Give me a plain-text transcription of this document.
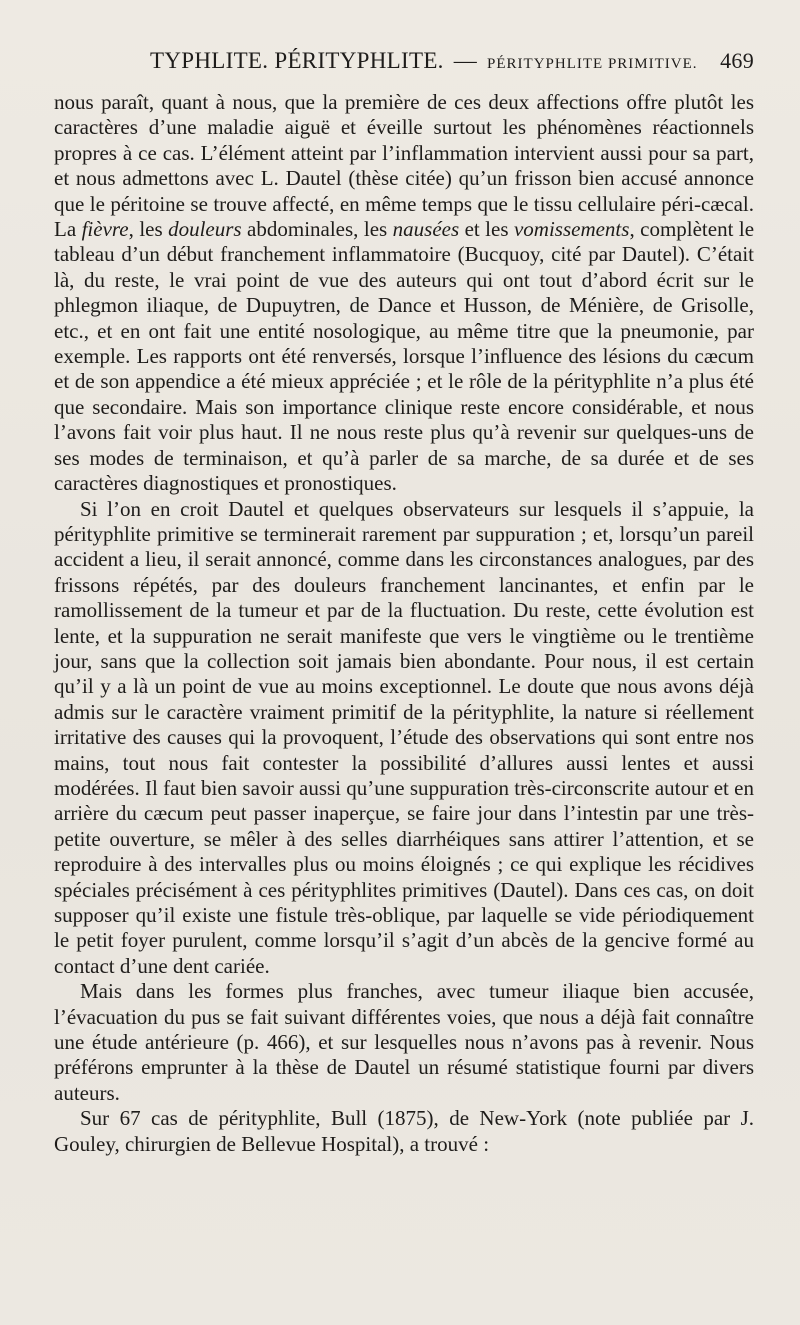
TYPHLITE. PÉRITYPHLITE. — PÉRITYPHLITE PRIMITIVE. 469

nous paraît, quant à nous, que la première de ces deux affections offre plutôt les caractères d’une maladie aiguë et éveille surtout les phénomènes réactionnels propres à ce cas. L’élément atteint par l’inflammation intervient aussi pour sa part, et nous admettons avec L. Dautel (thèse citée) qu’un frisson bien accusé annonce que le péritoine se trouve affecté, en même temps que le tissu cellulaire péri-cæcal. La fièvre, les douleurs abdominales, les nausées et les vomissements, complètent le tableau d’un début franchement inflammatoire (Bucquoy, cité par Dautel). C’était là, du reste, le vrai point de vue des auteurs qui ont tout d’abord écrit sur le phlegmon iliaque, de Dupuytren, de Dance et Husson, de Ménière, de Grisolle, etc., et en ont fait une entité nosologique, au même titre que la pneumonie, par exemple. Les rapports ont été renversés, lorsque l’influence des lésions du cæcum et de son appendice a été mieux appréciée ; et le rôle de la pérityphlite n’a plus été que secondaire. Mais son importance clinique reste encore considérable, et nous l’avons fait voir plus haut. Il ne nous reste plus qu’à revenir sur quelques-uns de ses modes de terminaison, et qu’à parler de sa marche, de sa durée et de ses caractères diagnostiques et pronostiques.

Si l’on en croit Dautel et quelques observateurs sur lesquels il s’appuie, la pérityphlite primitive se terminerait rarement par suppuration ; et, lorsqu’un pareil accident a lieu, il serait annoncé, comme dans les circonstances analogues, par des frissons répétés, par des douleurs franchement lancinantes, et enfin par le ramollissement de la tumeur et par de la fluctuation. Du reste, cette évolution est lente, et la suppuration ne serait manifeste que vers le vingtième ou le trentième jour, sans que la collection soit jamais bien abondante. Pour nous, il est certain qu’il y a là un point de vue au moins exceptionnel. Le doute que nous avons déjà admis sur le caractère vraiment primitif de la pérityphlite, la nature si réellement irritative des causes qui la provoquent, l’étude des observations qui sont entre nos mains, tout nous fait contester la possibilité d’allures aussi lentes et aussi modérées. Il faut bien savoir aussi qu’une suppuration très-circonscrite autour et en arrière du cæcum peut passer inaperçue, se faire jour dans l’intestin par une très-petite ouverture, se mêler à des selles diarrhéiques sans attirer l’attention, et se reproduire à des intervalles plus ou moins éloignés ; ce qui explique les récidives spéciales précisément à ces pérityphlites primitives (Dautel). Dans ces cas, on doit supposer qu’il existe une fistule très-oblique, par laquelle se vide périodiquement le petit foyer purulent, comme lorsqu’il s’agit d’un abcès de la gencive formé au contact d’une dent cariée.

Mais dans les formes plus franches, avec tumeur iliaque bien accusée, l’évacuation du pus se fait suivant différentes voies, que nous a déjà fait connaître une étude antérieure (p. 466), et sur lesquelles nous n’avons pas à revenir. Nous préférons emprunter à la thèse de Dautel un résumé statistique fourni par divers auteurs.

Sur 67 cas de pérityphlite, Bull (1875), de New-York (note publiée par J. Gouley, chirurgien de Bellevue Hospital), a trouvé :
